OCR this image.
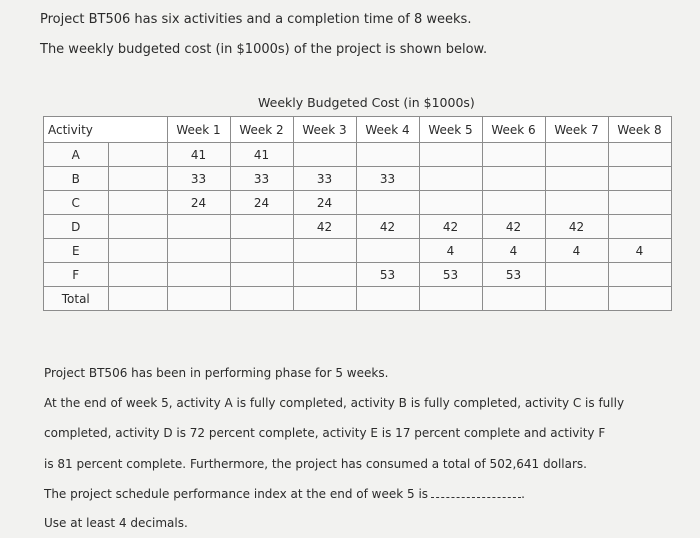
Project BT506 has six activities and a completion time of 8 weeks.
The weekly budgeted cost (in $1000s) of the project is shown below.
Weekly Budgeted Cost (in $1000s)
Activity		Week 1	Week 2	Week 3	Week 4	Week 5	Week 6	Week 7	Week 8
A		41	41						
B		33	33	33	33				
C		24	24	24					
D				42	42	42	42	42	
E						4	4	4	4
F					53	53	53		
Total									
Project BT506 has been in performing phase for 5 weeks.
At the end of week 5, activity A is fully completed, activity B is fully completed, activity C is fully
completed, activity D is 72 percent complete, activity E is 17 percent complete and activity F
is 81 percent complete. Furthermore, the project has consumed a total of 502,641 dollars.
The project schedule performance index at the end of week 5 is	.
Use at least 4 decimals.
